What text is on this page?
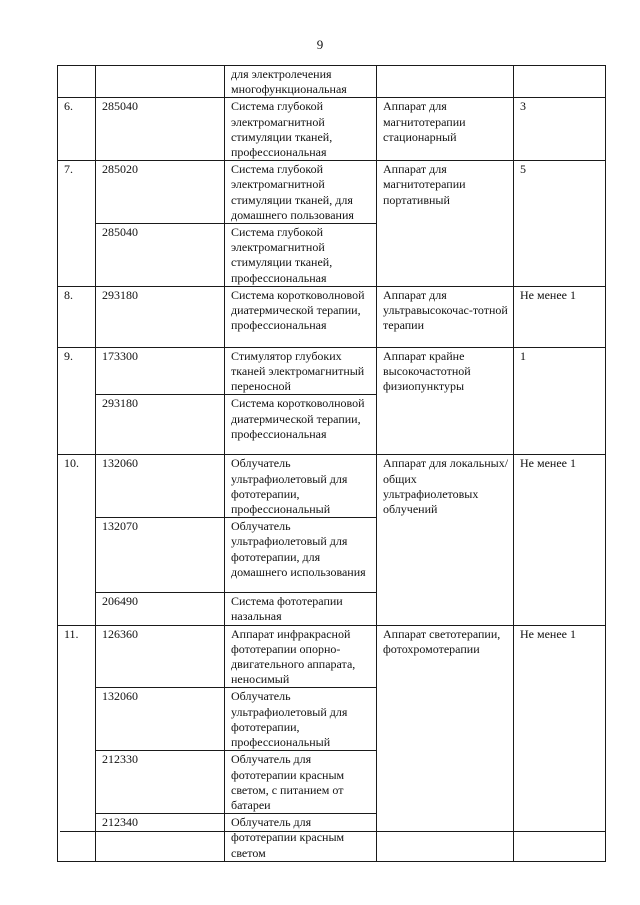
9
		для электролечения многофункциональная		
6.	285040	Система глубокой электромагнитной стимуляции тканей, профессиональная	Аппарат для магнитотерапии стационарный	3
7.	285020	Система глубокой электромагнитной стимуляции тканей, для домашнего пользования	Аппарат для магнитотерапии портативный	5
	285040	Система глубокой электромагнитной стимуляции тканей, профессиональная		
8.	293180	Система коротковолновой диатермической терапии, профессиональная	Аппарат для ультравысокочас-тотной терапии	Не менее 1
9.	173300	Стимулятор глубоких тканей электромагнитный переносной	Аппарат крайне высокочастотной физиопунктуры	1
	293180	Система коротковолновой диатермической терапии, профессиональная		
10.	132060	Облучатель ультрафиолетовый для фототерапии, профессиональный	Аппарат для локальных/общих ультрафиолетовых облучений	Не менее 1
	132070	Облучатель ультрафиолетовый для фототерапии, для домашнего использования		
	206490	Система фототерапии назальная		
11.	126360	Аппарат инфракрасной фототерапии опорно-двигательного аппарата, неносимый	Аппарат светотерапии, фотохромотерапии	Не менее 1
	132060	Облучатель ультрафиолетовый для фототерапии, профессиональный		
	212330	Облучатель для фототерапии красным светом, с питанием от батареи		
	212340	Облучатель для фототерапии красным светом		
